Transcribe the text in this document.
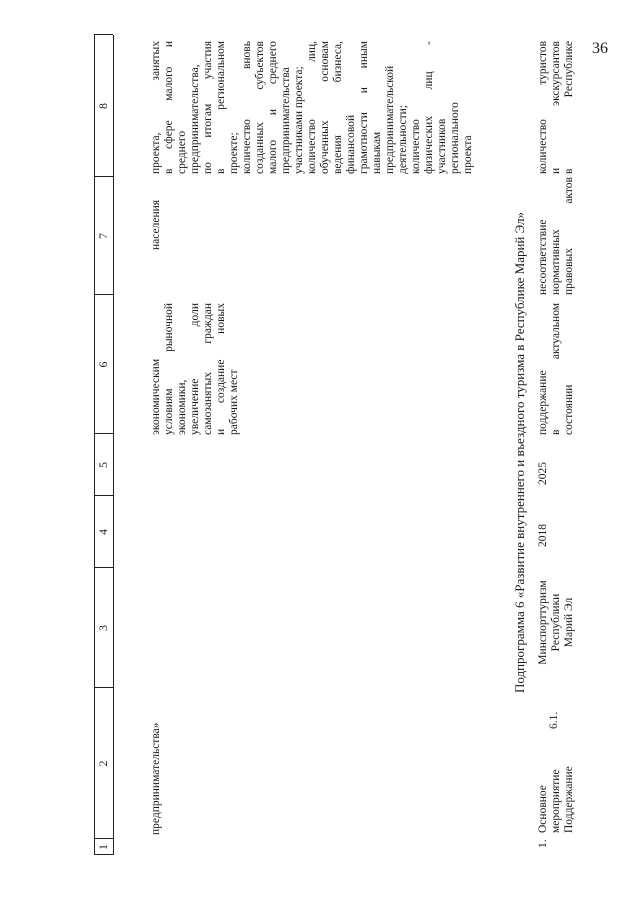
36
1
2
3
4
5
6
7
8
предпринимательства»
экономическим условиям рыночной экономики, увеличение доли самозанятых граждан и создание новых рабочих мест
населения
проекта, занятых в сфере малого и среднего предпринимательства, по итогам участия в региональном проекте; количество вновь созданных субъектов малого и среднего предпринимательства участниками проекта; количество лиц, обученных основам ведения бизнеса, финансовой грамотности и иным навыкам предпринимательской деятельности; количество физических лиц - участников регионального проекта
Подпрограмма 6 «Развитие внутреннего и въездного туризма в Республике Марий Эл»
1.
Основное мероприятие Поддержание
6.1.
Минспорттуризм Республики Марий Эл
2018
2025
поддержание в актуальном состоянии
несоответствие нормативных правовых актов
количество туристов и экскурсантов в Республике
